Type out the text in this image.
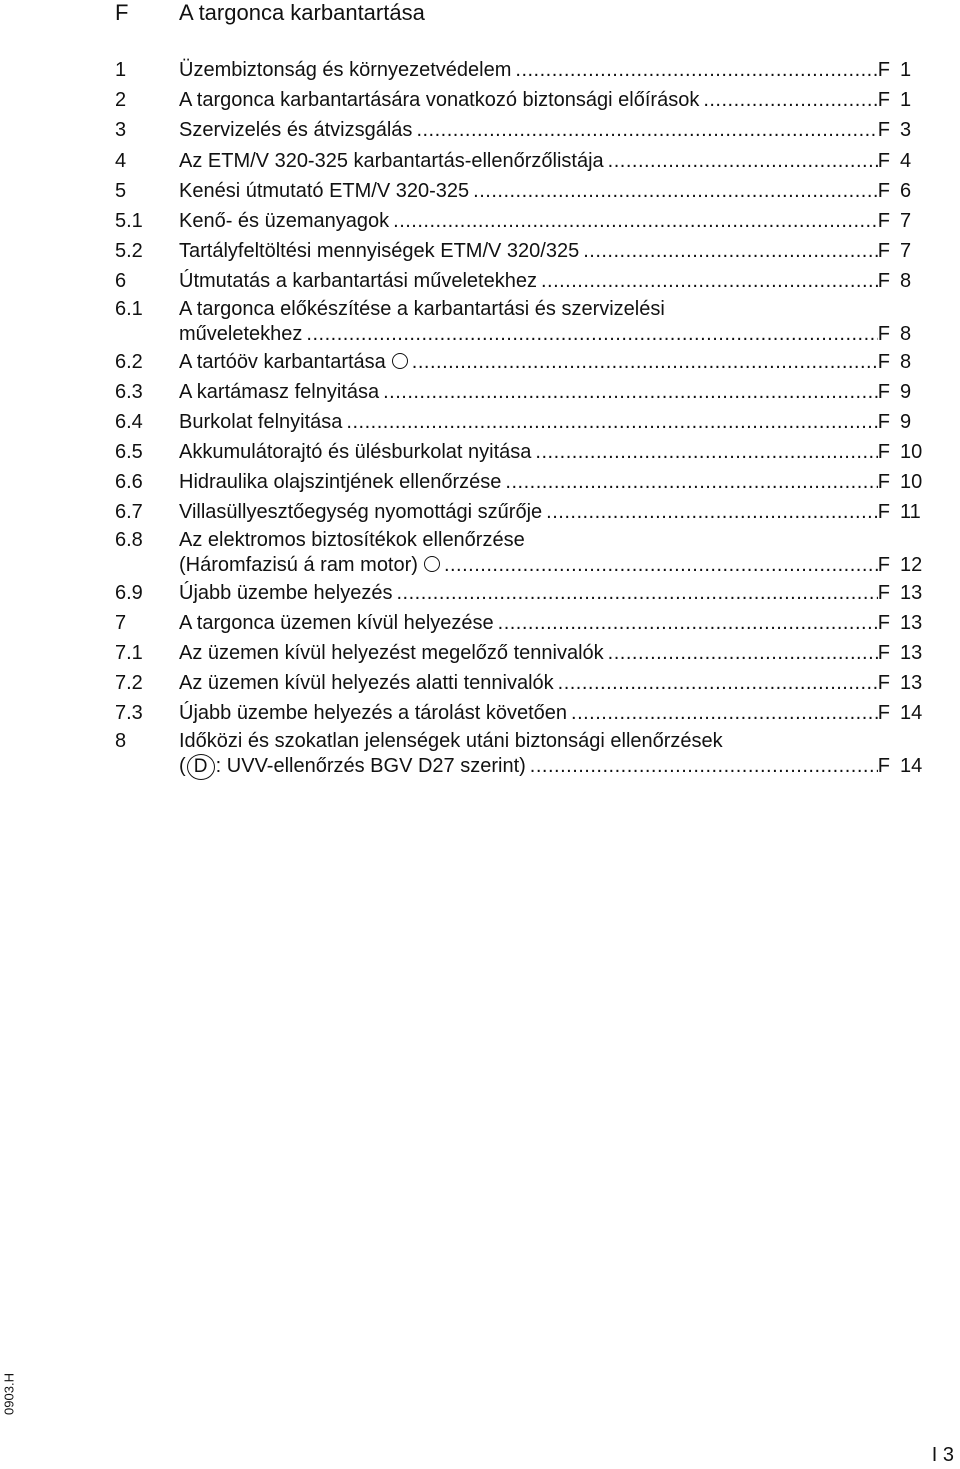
F A targonca karbantartása
1	Üzembiztonság és környezetvédelem .....	F 1
2	A targonca karbantartására vonatkozó biztonsági előírások .....	F 1
3	Szervizelés és átvizsgálás .....	F 3
4	Az ETM/V 320-325 karbantartás-ellenőrzőlistája .....	F 4
5	Kenési útmutató ETM/V 320-325 .....	F 6
5.1 Kenő- és üzemanyagok .....	F 7
5.2 Tartályfeltöltési mennyiségek ETM/V 320/325 .....	F 7
6	Útmutatás a karbantartási műveletekhez .....	F 8
6.1 A targonca előkészítése a karbantartási és szervizelési
műveletekhez .....	F 8
6.2 A tartóöv karbantartása .....	F 8
6.3 A kartámasz felnyitása .....	F 9
6.4 Burkolat felnyitása .....	F 9
6.5 Akkumulátorajtó és ülésburkolat nyitása .....	F 10
6.6 Hidraulika olajszintjének ellenőrzése .....	F 10
6.7 Villasüllyesztőegység nyomottági szűrője .....	F 11
6.8 Az elektromos biztosítékok ellenőrzése
(Háromfazisú á ram motor) .....	F 12
6.9 Újabb üzembe helyezés .....	F 13
7	A targonca üzemen kívül helyezése .....	F 13
7.1 Az üzemen kívül helyezést megelőző tennivalók .....	F 13
7.2 Az üzemen kívül helyezés alatti tennivalók .....	F 13
7.3 Újabb üzembe helyezés a tárolást követően .....	F 14
8	Időközi és szokatlan jelenségek utáni biztonsági ellenőrzések
( D : UVV-ellenőrzés BGV D27 szerint) .....	F 14
0903.H
I 3
